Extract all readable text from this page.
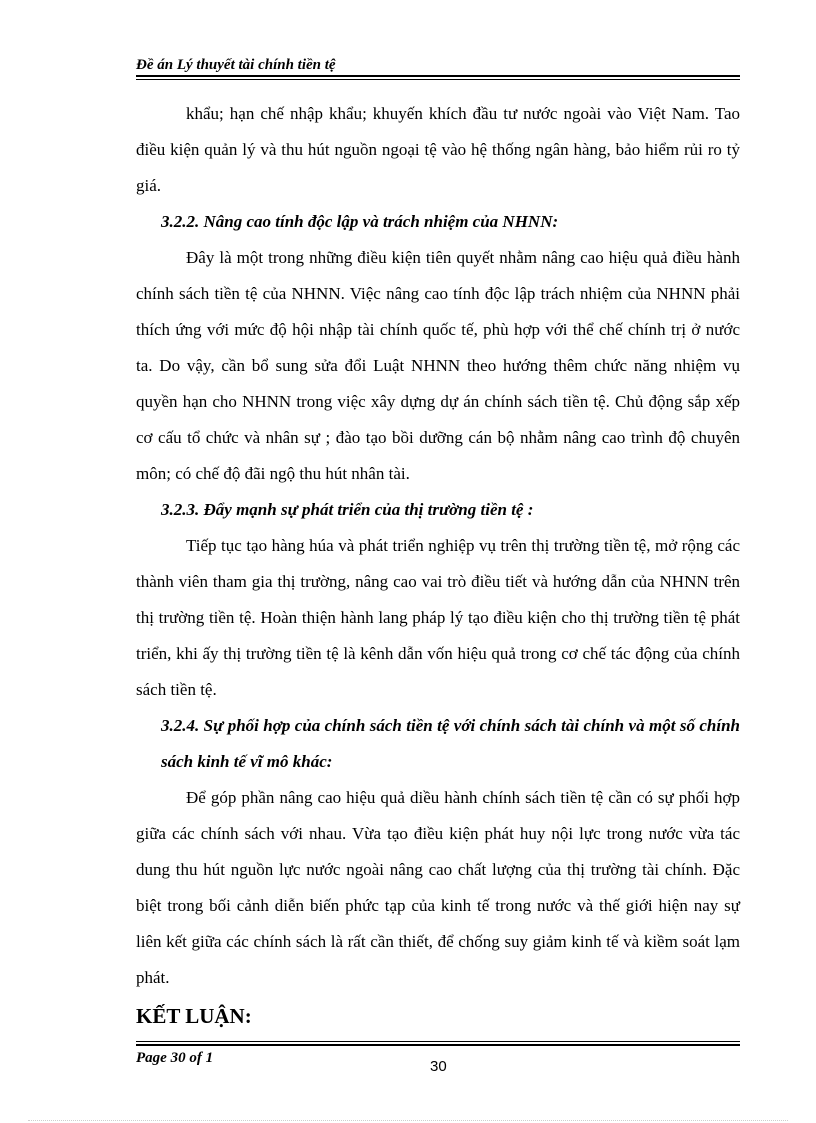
Đề án Lý thuyết tài chính tiền tệ

khẩu; hạn chế nhập khẩu; khuyến khích đầu tư nước ngoài vào Việt Nam. Tao điều kiện quản lý và thu hút nguồn ngoại tệ vào hệ thống ngân hàng, bảo hiểm rủi ro tỷ giá.

3.2.2. Nâng cao tính độc lập và trách nhiệm của NHNN:

Đây là một trong những điều kiện tiên quyết nhằm nâng cao hiệu quả điều hành chính sách tiền tệ của NHNN. Việc nâng cao tính độc lập trách nhiệm của NHNN phải thích ứng với mức độ hội nhập tài chính quốc tế, phù hợp với thể chế chính trị ở nước ta. Do vậy, cần bổ sung sửa đổi Luật NHNN theo hướng thêm chức năng nhiệm vụ quyền hạn cho NHNN trong việc xây dựng dự án chính sách tiền tệ. Chủ động sắp xếp cơ cấu tổ chức và nhân sự ; đào tạo bồi dưỡng cán bộ nhằm nâng cao trình độ chuyên môn; có chế độ đãi ngộ thu hút nhân tài.

3.2.3. Đẩy mạnh sự phát triển của thị trường tiền tệ :

Tiếp tục tạo hàng húa và phát triển nghiệp vụ trên thị trường tiền tệ, mở rộng các thành viên tham gia thị trường, nâng cao vai trò điều tiết và hướng dẫn của NHNN trên thị trường tiền tệ. Hoàn thiện hành lang pháp lý tạo điều kiện cho thị trường tiền tệ phát triển, khi ấy thị trường tiền tệ là kênh dẫn vốn hiệu quả trong cơ chế tác động của chính sách tiền tệ.

3.2.4. Sự phối hợp của chính sách tiền tệ với chính sách tài chính và một số chính sách kinh tế vĩ mô khác:

Để góp phần nâng cao hiệu quả diều hành chính sách tiền tệ cần có sự phối hợp giữa các chính sách với nhau. Vừa tạo điều kiện phát huy nội lực trong nước vừa tác dung thu hút nguồn lực nước ngoài nâng cao chất lượng của thị trường tài chính. Đặc biệt trong bối cảnh diễn biến phức tạp của kinh tế trong nước và thế giới hiện nay sự liên kết giữa các chính sách là rất cần thiết, để chống suy giảm kinh tế và kiềm soát lạm phát.

KẾT LUẬN:

Page 30 of 1	30
